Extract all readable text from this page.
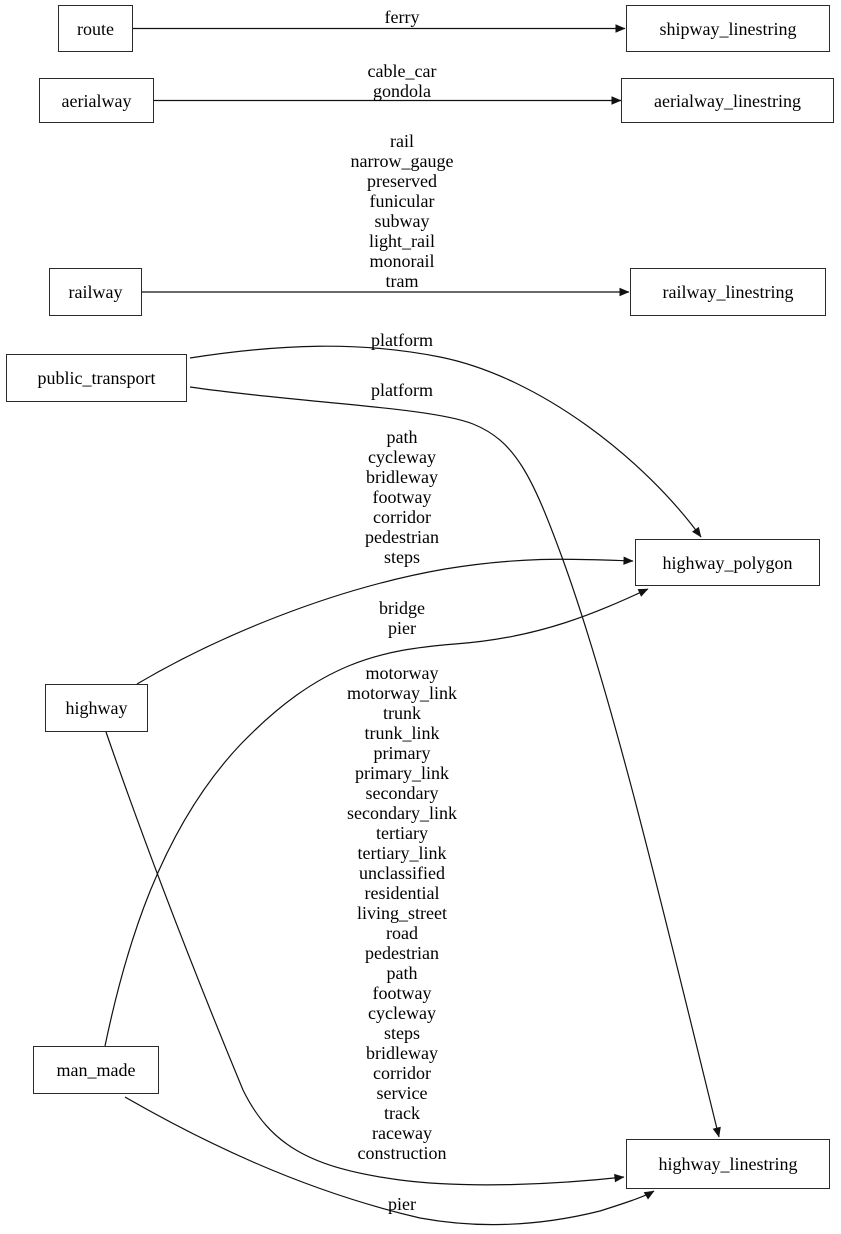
route	shipway_linestring
aerialway	aerialway_linestring
railway	railway_linestring
public_transport
highway_polygon
highway
man_made
highway_linestring
ferry
cable_car
gondola
rail
narrow_gauge
preserved
funicular
subway
light_rail
monorail
tram
platform
platform
path
cycleway
bridleway
footway
corridor
pedestrian
steps
motorway
motorway_link
trunk
trunk_link
primary
primary_link
secondary
secondary_link
tertiary
tertiary_link
unclassified
residential
living_street
road
pedestrian
path
footway
cycleway
steps
bridleway
corridor
service
track
raceway
construction
bridge
pier
pier
